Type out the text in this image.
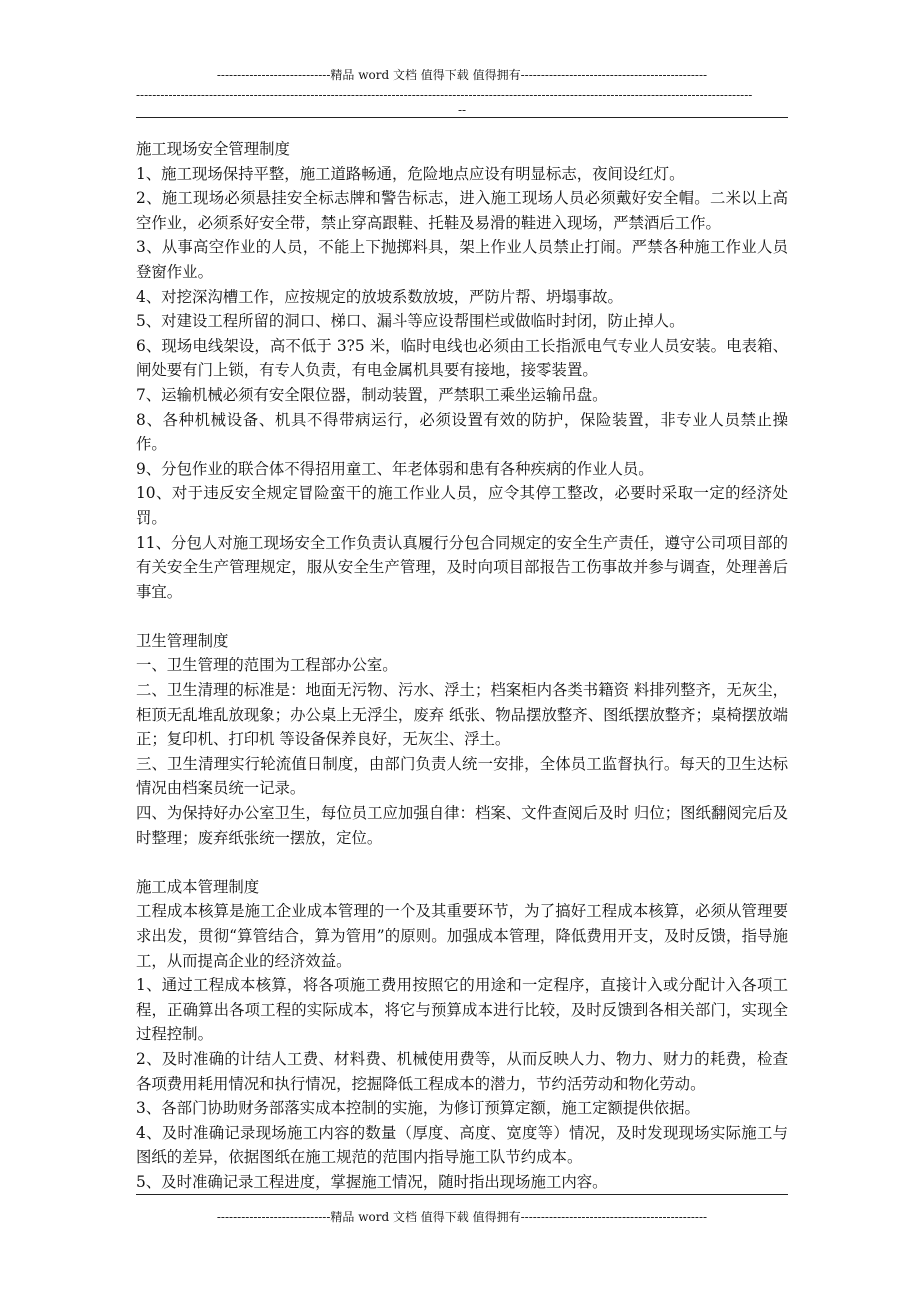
----------------------------精品 word 文档 值得下载 值得拥有----------------------------------------------
--------------------------------------------------------------------------------------------------------------------------------------------------------
--

施工现场安全管理制度

1、施工现场保持平整，施工道路畅通，危险地点应设有明显标志，夜间设红灯。

2、施工现场必须悬挂安全标志牌和警告标志，进入施工现场人员必须戴好安全帽。二米以上高空作业，必须系好安全带，禁止穿高跟鞋、托鞋及易滑的鞋进入现场，严禁酒后工作。

3、从事高空作业的人员，不能上下抛掷料具，架上作业人员禁止打闹。严禁各种施工作业人员登窗作业。

4、对挖深沟槽工作，应按规定的放坡系数放坡，严防片帮、坍塌事故。

5、对建设工程所留的洞口、梯口、漏斗等应设帮围栏或做临时封闭，防止掉人。

6、现场电线架设，高不低于 3?5 米，临时电线也必须由工长指派电气专业人员安装。电表箱、闸处要有门上锁，有专人负责，有电金属机具要有接地，接零装置。

7、运输机械必须有安全限位器，制动装置，严禁职工乘坐运输吊盘。

8、各种机械设备、机具不得带病运行，必须设置有效的防护，保险装置，非专业人员禁止操作。

9、分包作业的联合体不得招用童工、年老体弱和患有各种疾病的作业人员。

10、对于违反安全规定冒险蛮干的施工作业人员，应令其停工整改，必要时采取一定的经济处罚。

11、分包人对施工现场安全工作负责认真履行分包合同规定的安全生产责任，遵守公司项目部的有关安全生产管理规定，服从安全生产管理，及时向项目部报告工伤事故并参与调查，处理善后事宜。

卫生管理制度

一、卫生管理的范围为工程部办公室。

二、卫生清理的标准是：地面无污物、污水、浮土；档案柜内各类书籍资 料排列整齐，无灰尘，柜顶无乱堆乱放现象；办公桌上无浮尘，废弃 纸张、物品摆放整齐、图纸摆放整齐；桌椅摆放端正；复印机、打印机 等设备保养良好，无灰尘、浮土。

三、卫生清理实行轮流值日制度，由部门负责人统一安排，全体员工监督执行。每天的卫生达标情况由档案员统一记录。

四、为保持好办公室卫生，每位员工应加强自律：档案、文件查阅后及时 归位；图纸翻阅完后及时整理；废弃纸张统一摆放，定位。

施工成本管理制度

工程成本核算是施工企业成本管理的一个及其重要环节，为了搞好工程成本核算，必须从管理要求出发，贯彻“算管结合，算为管用”的原则。加强成本管理，降低费用开支，及时反馈，指导施工，从而提高企业的经济效益。

1、通过工程成本核算，将各项施工费用按照它的用途和一定程序，直接计入或分配计入各项工程，正确算出各项工程的实际成本，将它与预算成本进行比较，及时反馈到各相关部门，实现全过程控制。

2、及时准确的计结人工费、材料费、机械使用费等，从而反映人力、物力、财力的耗费，检查各项费用耗用情况和执行情况，挖掘降低工程成本的潜力，节约活劳动和物化劳动。

3、各部门协助财务部落实成本控制的实施，为修订预算定额，施工定额提供依据。

4、及时准确记录现场施工内容的数量（厚度、高度、宽度等）情况，及时发现现场实际施工与图纸的差异，依据图纸在施工规范的范围内指导施工队节约成本。

5、及时准确记录工程进度，掌握施工情况，随时指出现场施工内容。

----------------------------精品 word 文档 值得下载 值得拥有----------------------------------------------
